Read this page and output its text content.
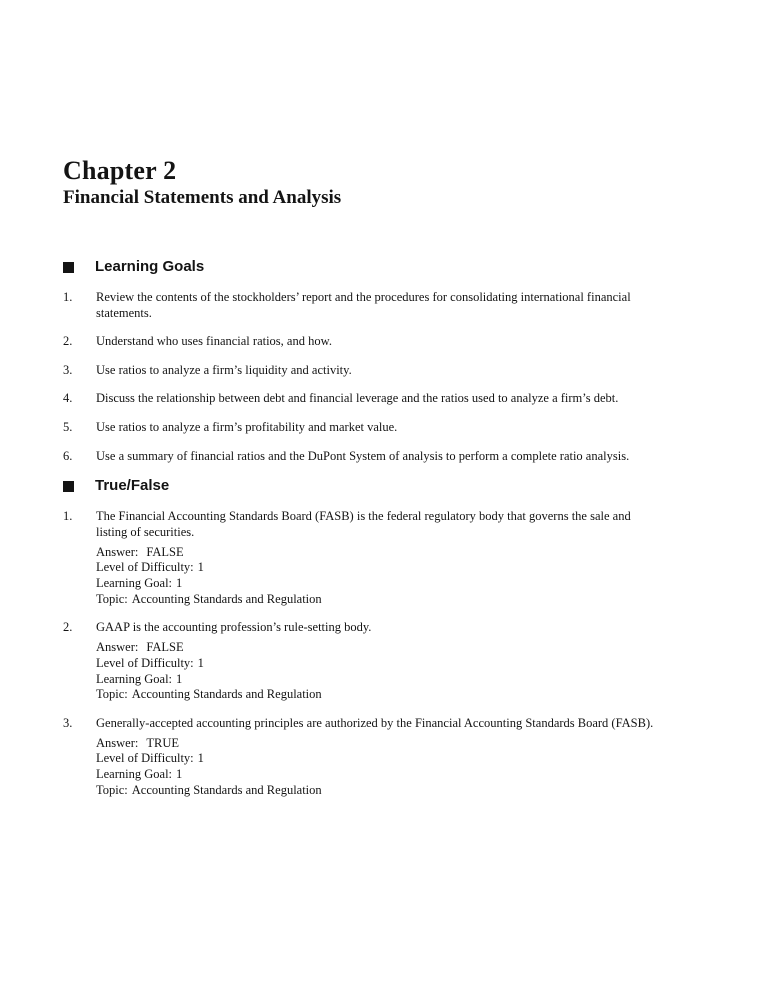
Chapter 2
Financial Statements and Analysis
Learning Goals
1.	Review the contents of the stockholders’ report and the procedures for consolidating international financial statements.
2.	Understand who uses financial ratios, and how.
3.	Use ratios to analyze a firm’s liquidity and activity.
4.	Discuss the relationship between debt and financial leverage and the ratios used to analyze a firm’s debt.
5.	Use ratios to analyze a firm’s profitability and market value.
6.	Use a summary of financial ratios and the DuPont System of analysis to perform a complete ratio analysis.
True/False
1.	The Financial Accounting Standards Board (FASB) is the federal regulatory body that governs the sale and listing of securities.
Answer: FALSE
Level of Difficulty: 1
Learning Goal: 1
Topic: Accounting Standards and Regulation
2.	GAAP is the accounting profession’s rule-setting body.
Answer: FALSE
Level of Difficulty: 1
Learning Goal: 1
Topic: Accounting Standards and Regulation
3.	Generally-accepted accounting principles are authorized by the Financial Accounting Standards Board (FASB).
Answer: TRUE
Level of Difficulty: 1
Learning Goal: 1
Topic: Accounting Standards and Regulation
